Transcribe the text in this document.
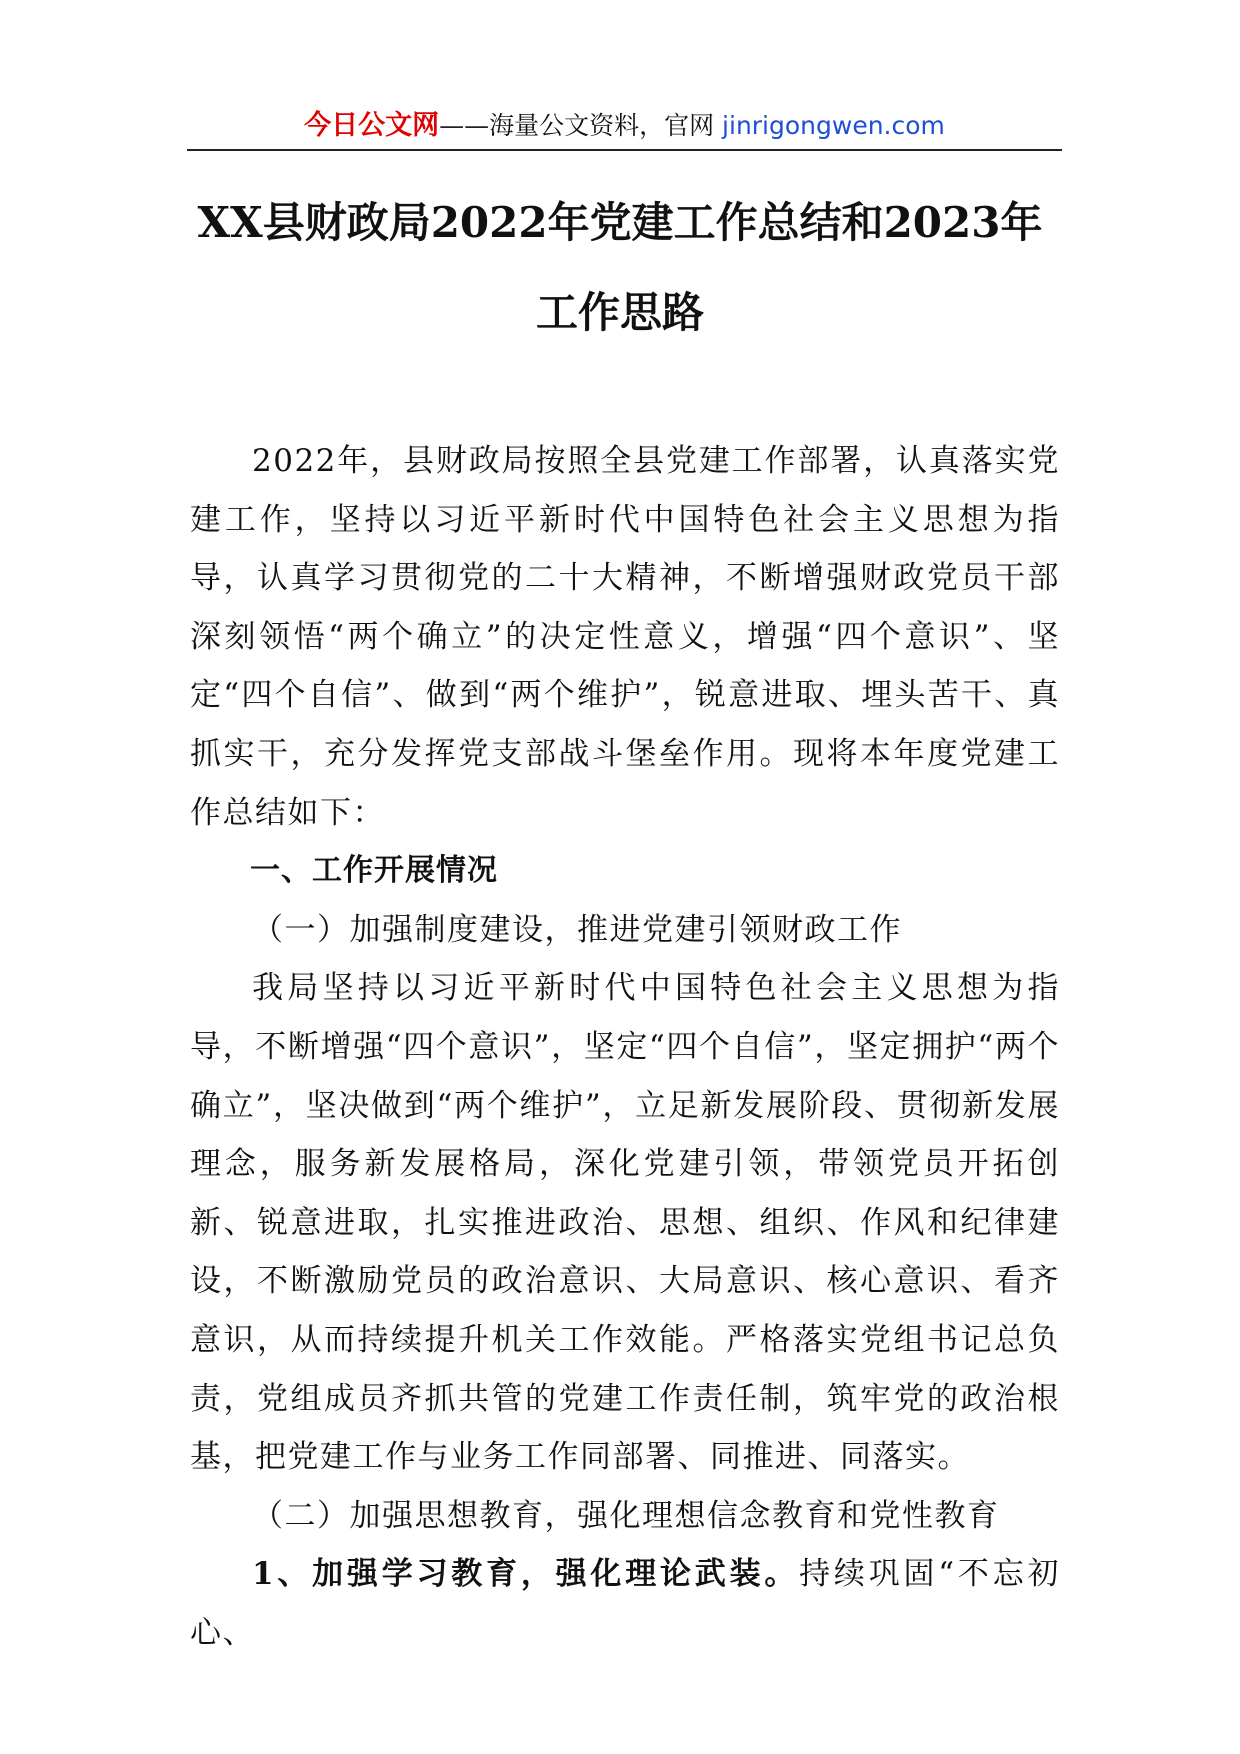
今日公文网——海量公文资料，官网 jinrigongwen.com
XX县财政局2022年党建工作总结和2023年工作思路

2022年，县财政局按照全县党建工作部署，认真落实党建工作，坚持以习近平新时代中国特色社会主义思想为指导，认真学习贯彻党的二十大精神，不断增强财政党员干部深刻领悟“两个确立”的决定性意义，增强“四个意识”、坚定“四个自信”、做到“两个维护”，锐意进取、埋头苦干、真抓实干，充分发挥党支部战斗堡垒作用。现将本年度党建工作总结如下：

一、工作开展情况

（一）加强制度建设，推进党建引领财政工作

我局坚持以习近平新时代中国特色社会主义思想为指导，不断增强“四个意识”，坚定“四个自信”，坚定拥护“两个确立”，坚决做到“两个维护”，立足新发展阶段、贯彻新发展理念，服务新发展格局，深化党建引领，带领党员开拓创新、锐意进取，扎实推进政治、思想、组织、作风和纪律建设，不断激励党员的政治意识、大局意识、核心意识、看齐意识，从而持续提升机关工作效能。严格落实党组书记总负责，党组成员齐抓共管的党建工作责任制，筑牢党的政治根基，把党建工作与业务工作同部署、同推进、同落实。

（二）加强思想教育，强化理想信念教育和党性教育

1、加强学习教育，强化理论武装。持续巩固“不忘初心、
